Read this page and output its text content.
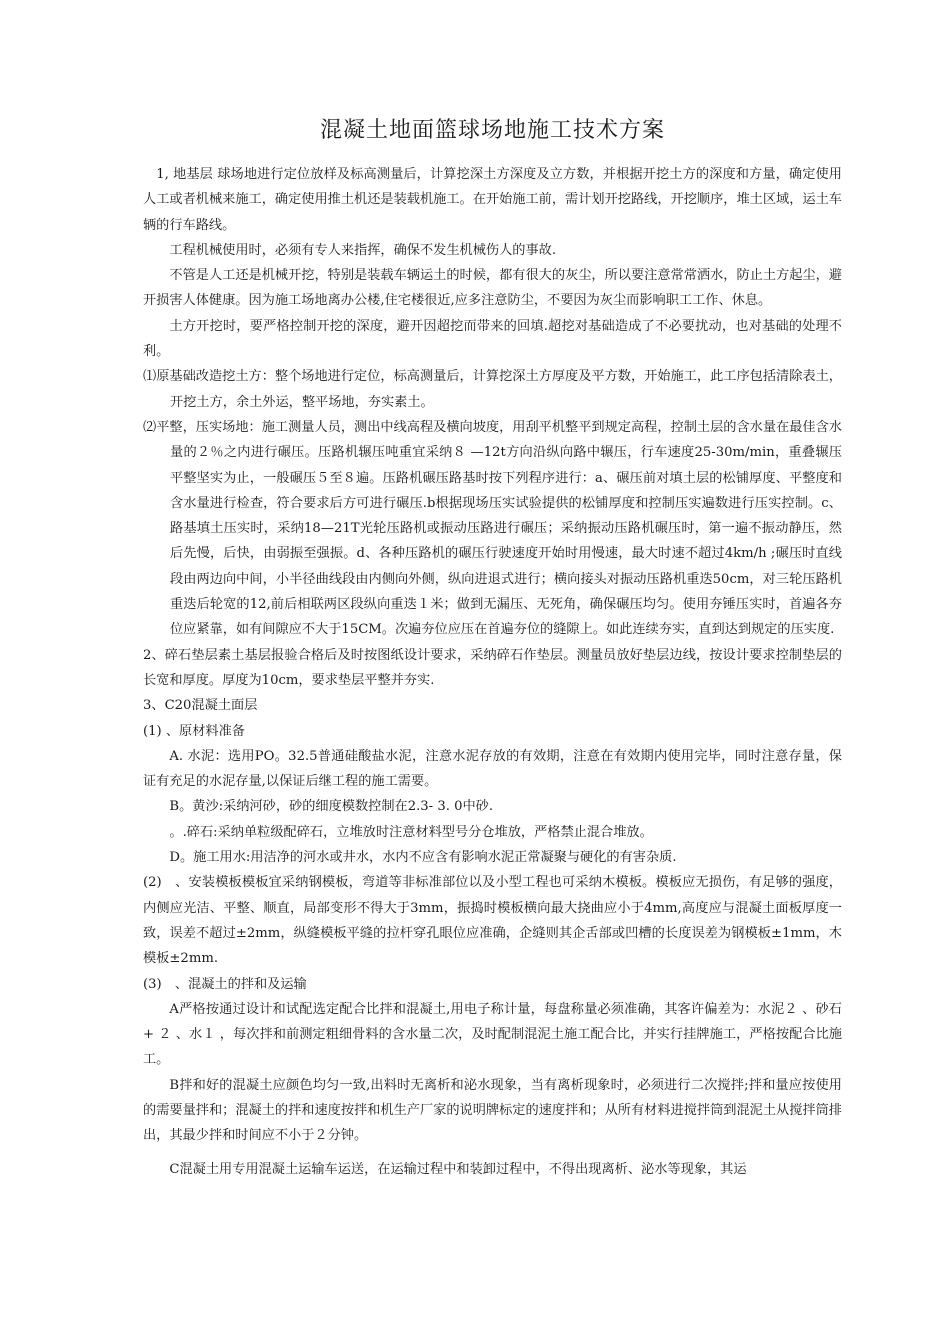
混凝土地面篮球场地施工技术方案

1, 地基层 球场地进行定位放样及标高测量后，计算挖深土方深度及立方数，并根据开挖土方的深度和方量，确定使用人工或者机械来施工，确定使用推土机还是装载机施工。在开始施工前，需计划开挖路线，开挖顺序，堆土区域，运土车辆的行车路线。

工程机械使用时，必须有专人来指挥，确保不发生机械伤人的事故.

不管是人工还是机械开挖，特别是装载车辆运土的时候，都有很大的灰尘，所以要注意常常洒水，防止土方起尘，避开损害人体健康。因为施工场地离办公楼,住宅楼很近,应多注意防尘，不要因为灰尘而影响职工工作、休息。

土方开挖时，要严格控制开挖的深度，避开因超挖而带来的回填.超挖对基础造成了不必要扰动，也对基础的处理不利。

⑴原基础改造挖土方：整个场地进行定位，标高测量后，计算挖深土方厚度及平方数，开始施工，此工序包括清除表土，开挖土方，余土外运，整平场地，夯实素土。

⑵平整，压实场地：施工测量人员，测出中线高程及横向坡度，用刮平机整平到规定高程，控制土层的含水量在最佳含水量的２％之内进行碾压。压路机辗压吨重宜采纳８ —12t方向沿纵向路中辗压，行车速度25-30m/min，重叠辗压平整坚实为止，一般碾压５至８遍。压路机碾压路基时按下列程序进行：a、碾压前对填土层的松铺厚度、平整度和含水量进行检查，符合要求后方可进行碾压.b根据现场压实试验提供的松铺厚度和控制压实遍数进行压实控制。c、路基填土压实时，采纳18—21T光轮压路机或振动压路进行碾压；采纳振动压路机碾压时，第一遍不振动静压，然后先慢，后快，由弱振至强振。d、各种压路机的碾压行驶速度开始时用慢速，最大时速不超过4km/h ;碾压时直线段由两边向中间，小半径曲线段由内侧向外侧，纵向进退式进行；横向接头对振动压路机重迭50cm，对三轮压路机重迭后轮宽的12,前后相联两区段纵向重迭１米；做到无漏压、无死角，确保碾压均匀。使用夯锤压实时，首遍各夯位应紧靠，如有间隙应不大于15CM。次遍夯位应压在首遍夯位的缝隙上。如此连续夯实，直到达到规定的压实度.

2、碎石垫层素土基层报验合格后及时按图纸设计要求，采纳碎石作垫层。测量员放好垫层边线，按设计要求控制垫层的长宽和厚度。厚度为10cm，要求垫层平整并夯实.

3、C20混凝土面层

(1) 、原材料准备

A. 水泥：选用PO。32.5普通硅酸盐水泥，注意水泥存放的有效期，注意在有效期内使用完毕，同时注意存量，保证有充足的水泥存量,以保证后继工程的施工需要。

B。黄沙:采纳河砂，砂的细度模数控制在2.3- 3. 0中砂.

。.碎石:采纳单粒级配碎石，立堆放时注意材料型号分仓堆放，严格禁止混合堆放。

D。施工用水:用洁净的河水或井水，水内不应含有影响水泥正常凝聚与硬化的有害杂质.

(2)　、安装模板模板宜采纳钢模板，弯道等非标准部位以及小型工程也可采纳木模板。模板应无损伤，有足够的强度，内侧应光洁、平整、顺直，局部变形不得大于3mm，振捣时模板横向最大挠曲应小于4mm,高度应与混凝土面板厚度一致，误差不超过±2mm，纵缝模板平缝的拉杆穿孔眼位应准确，企缝则其企舌部或凹槽的长度误差为钢模板±1mm，木模板±2mm.

(3)　、混凝土的拌和及运输

A严格按通过设计和试配选定配合比拌和混凝土,用电子称计量，每盘称量必须准确，其客许偏差为：水泥２ 、砂石+ ２ 、水１ ，每次拌和前测定粗细骨料的含水量二次，及时配制混泥土施工配合比，并实行挂牌施工，严格按配合比施工。

B拌和好的混凝土应颜色均匀一致,出料时无离析和泌水现象，当有离析现象时，必须进行二次搅拌;拌和量应按使用的需要量拌和；混凝土的拌和速度按拌和机生产厂家的说明牌标定的速度拌和；从所有材料进搅拌筒到混泥土从搅拌筒排出，其最少拌和时间应不小于２分钟。

C混凝土用专用混凝土运输车运送，在运输过程中和装卸过程中，不得出现离析、泌水等现象，其运
